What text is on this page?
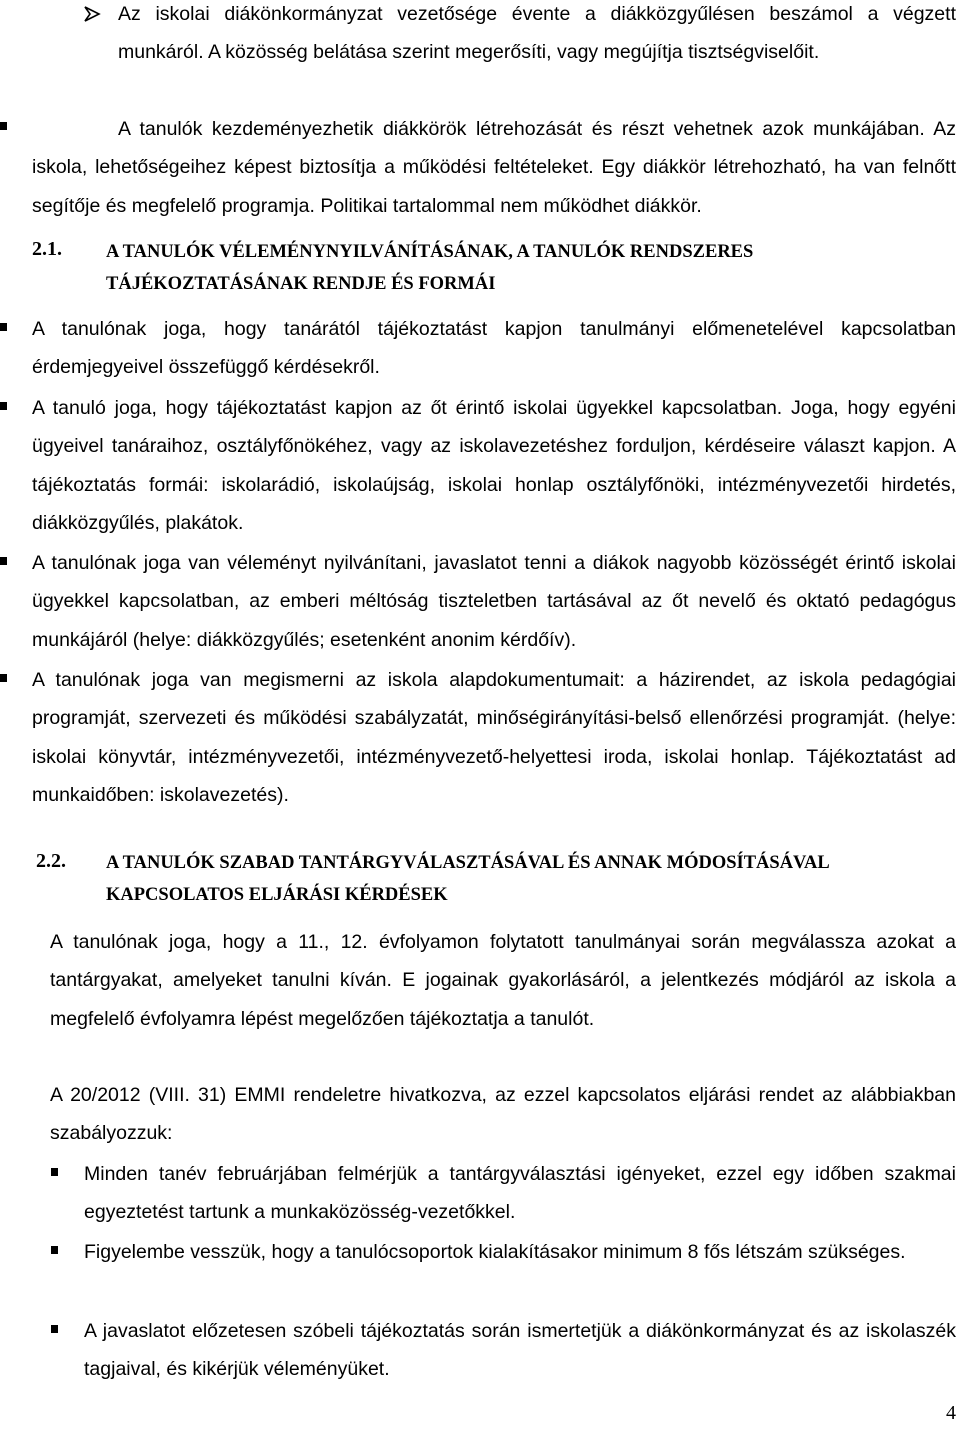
Az iskolai diákönkormányzat vezetősége évente a diákközgyűlésen beszámol a végzett munkáról. A közösség belátása szerint megerősíti, vagy megújítja tisztségviselőit.
A tanulók kezdeményezhetik diákkörök létrehozását és részt vehetnek azok munkájában. Az iskola, lehetőségeihez képest biztosítja a működési feltételeket. Egy diákkör létrehozható, ha van felnőtt segítője és megfelelő programja. Politikai tartalommal nem működhet diákkör.
2.1. A TANULÓK VÉLEMÉNYNYILVÁNÍTÁSÁNAK, A TANULÓK RENDSZERES
TÁJÉKOZTATÁSÁNAK RENDJE ÉS FORMÁI
A tanulónak joga, hogy tanárától tájékoztatást kapjon tanulmányi előmenetelével kapcsolatban érdemjegyeivel összefüggő kérdésekről.
A tanuló joga, hogy tájékoztatást kapjon az őt érintő iskolai ügyekkel kapcsolatban. Joga, hogy egyéni ügyeivel tanáraihoz, osztályfőnökéhez, vagy az iskolavezetéshez forduljon, kérdéseire választ kapjon. A tájékoztatás formái: iskolarádió, iskolaújság, iskolai honlap osztályfőnöki, intézményvezetői hirdetés, diákközgyűlés, plakátok.
A tanulónak joga van véleményt nyilvánítani, javaslatot tenni a diákok nagyobb közösségét érintő iskolai ügyekkel kapcsolatban, az emberi méltóság tiszteletben tartásával az őt nevelő és oktató pedagógus munkájáról (helye: diákközgyűlés; esetenként anonim kérdőív).
A tanulónak joga van megismerni az iskola alapdokumentumait: a házirendet, az iskola pedagógiai programját, szervezeti és működési szabályzatát, minőségirányítási-belső ellenőrzési programját. (helye: iskolai könyvtár, intézményvezetői, intézményvezető-helyettesi iroda, iskolai honlap. Tájékoztatást ad munkaidőben: iskolavezetés).
2.2. A TANULÓK SZABAD TANTÁRGYVÁLASZTÁSÁVAL ÉS ANNAK MÓDOSÍTÁSÁVAL
KAPCSOLATOS ELJÁRÁSI KÉRDÉSEK
A tanulónak joga, hogy a 11., 12. évfolyamon folytatott tanulmányai során megválassza azokat a tantárgyakat, amelyeket tanulni kíván. E jogainak gyakorlásáról, a jelentkezés módjáról az iskola a megfelelő évfolyamra lépést megelőzően tájékoztatja a tanulót.
A 20/2012 (VIII. 31) EMMI rendeletre hivatkozva, az ezzel kapcsolatos eljárási rendet az alábbiakban szabályozzuk:
Minden tanév februárjában felmérjük a tantárgyválasztási igényeket, ezzel egy időben szakmai egyeztetést tartunk a munkaközösség-vezetőkkel.
Figyelembe vesszük, hogy a tanulócsoportok kialakításakor minimum 8 fős létszám szükséges.
A javaslatot előzetesen szóbeli tájékoztatás során ismertetjük a diákönkormányzat és az iskolaszék tagjaival, és kikérjük véleményüket.
4
